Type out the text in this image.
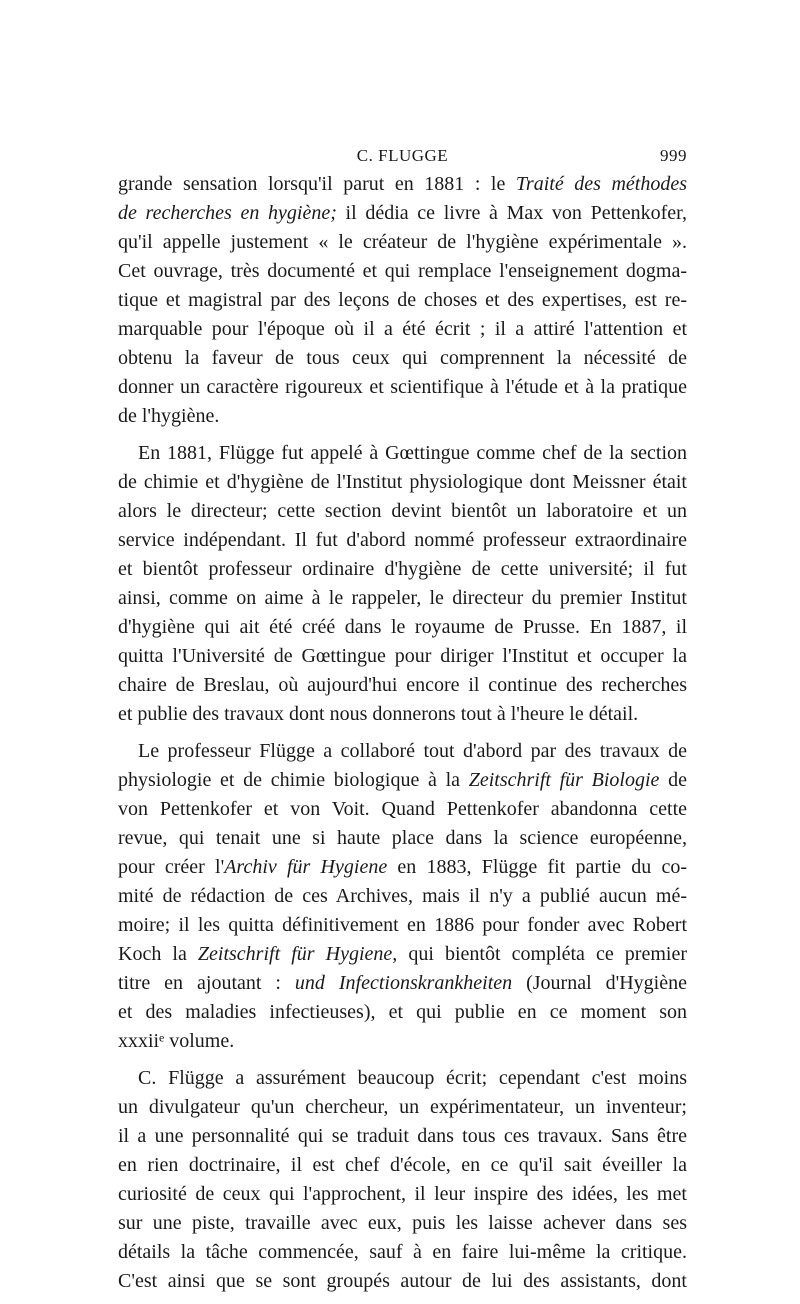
C. FLUGGE	999

grande sensation lorsqu'il parut en 1881 : le Traité des méthodes
de recherches en hygiène; il dédia ce livre à Max von Pettenkofer,
qu'il appelle justement « le créateur de l'hygiène expérimentale ».
Cet ouvrage, très documenté et qui remplace l'enseignement dogma-
tique et magistral par des leçons de choses et des expertises, est re-
marquable pour l'époque où il a été écrit ; il a attiré l'attention et
obtenu la faveur de tous ceux qui comprennent la nécessité de
donner un caractère rigoureux et scientifique à l'étude et à la pratique
de l'hygiène.

En 1881, Flügge fut appelé à Gœttingue comme chef de la section
de chimie et d'hygiène de l'Institut physiologique dont Meissner était
alors le directeur; cette section devint bientôt un laboratoire et un
service indépendant. Il fut d'abord nommé professeur extraordinaire
et bientôt professeur ordinaire d'hygiène de cette université; il fut
ainsi, comme on aime à le rappeler, le directeur du premier Institut
d'hygiène qui ait été créé dans le royaume de Prusse. En 1887, il
quitta l'Université de Gœttingue pour diriger l'Institut et occuper la
chaire de Breslau, où aujourd'hui encore il continue des recherches
et publie des travaux dont nous donnerons tout à l'heure le détail.

Le professeur Flügge a collaboré tout d'abord par des travaux de
physiologie et de chimie biologique à la Zeitschrift für Biologie de
von Pettenkofer et von Voit. Quand Pettenkofer abandonna cette
revue, qui tenait une si haute place dans la science européenne,
pour créer l'Archiv für Hygiene en 1883, Flügge fit partie du co-
mité de rédaction de ces Archives, mais il n'y a publié aucun mé-
moire; il les quitta définitivement en 1886 pour fonder avec Robert
Koch la Zeitschrift für Hygiene, qui bientôt compléta ce premier
titre en ajoutant : und Infectionskrankheiten (Journal d'Hygiène
et des maladies infectieuses), et qui publie en ce moment son
xxxiiᵉ volume.

C. Flügge a assurément beaucoup écrit; cependant c'est moins
un divulgateur qu'un chercheur, un expérimentateur, un inventeur;
il a une personnalité qui se traduit dans tous ces travaux. Sans être
en rien doctrinaire, il est chef d'école, en ce qu'il sait éveiller la
curiosité de ceux qui l'approchent, il leur inspire des idées, les met
sur une piste, travaille avec eux, puis les laisse achever dans ses
détails la tâche commencée, sauf à en faire lui-même la critique.
C'est ainsi que se sont groupés autour de lui des assistants, dont
